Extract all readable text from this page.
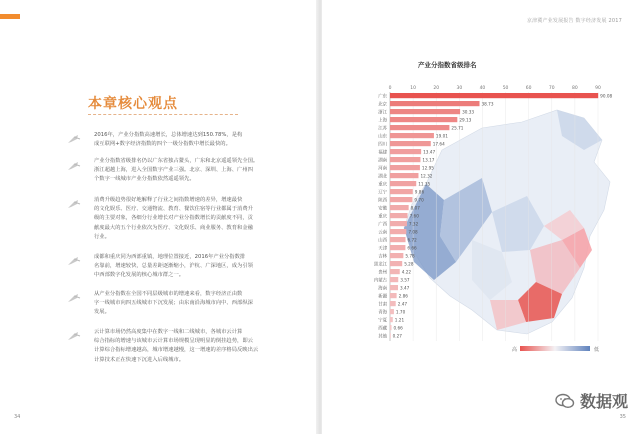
本章核心观点
2016年，产业分指数高速增长，总体增速达到150.78%，是构
成互联网+数字经济指数的四个一级分指数中增长最快的。
产业分指数省级排名仍以广东省独占鳌头，广东和北京遥遥领先全国。
浙江超越上海，进入全国数字产业三强。北京、深圳、上海、广州四
个数字一线城市产业分指数依然遥遥领先。
消费升级趋势很好地解释了行业之间指数增速的差异，增速最快
的文化娱乐、医疗、交通物流、教育、餐饮住宿等行业都属于消费升
级的主要对象，各细分行业增长对产业分指数增长的贡献度不同，贡
献度最大的五个行业依次为医疗、文化娱乐、商业服务、教育和金融
行业。
成都和重庆同为西部重镇，地理位置接近，2016年产业分指数排
名靠前，增速较快，总量差距逐渐缩小，沪杭、广深地区，成为引领
中西部数字化发展的核心城市群之一。
从产业分指数在全国不同层级城市的增速来看，数字经济正由数
字一线城市向四五线城市下沉发展；由东南沿海城市向中、西部纵深
发展。
云计算市场仍然高度集中在数字一线和二线城市，各城市云计算
综合指标的增速与该城市云计算市场规模呈现明显的倒挂趋势，即云
计算综合指标增速越高，城市增速越慢，这一增速的差序格局反映出云
计算技术正在快速下沉进入后线城市。
34
京津冀产业发展报告 数字经济发展 2017
产业分指数省级排名
0	10	20	30	40	50	60	70	80	90
广东	90.08
北京	38.73
浙江	30.33
上海	29.13
江苏	25.71
山东	19.01
四川	17.64
福建	13.47
湖南	13.17
河南	12.95
湖北	12.32
重庆	11.35
辽宁	9.86
陕西	9.70
安徽	8.07
重庆	7.60
广西	7.32
云南	7.08
山西	6.72
天津	6.66
吉林	5.78
黑龙江	5.28
贵州	4.22
内蒙古	3.57
海南	3.47
新疆	2.86
甘肃	2.47
青海 1.70
宁夏 1.21
西藏 0.66
其他 0.27
高	低
数据观
35
